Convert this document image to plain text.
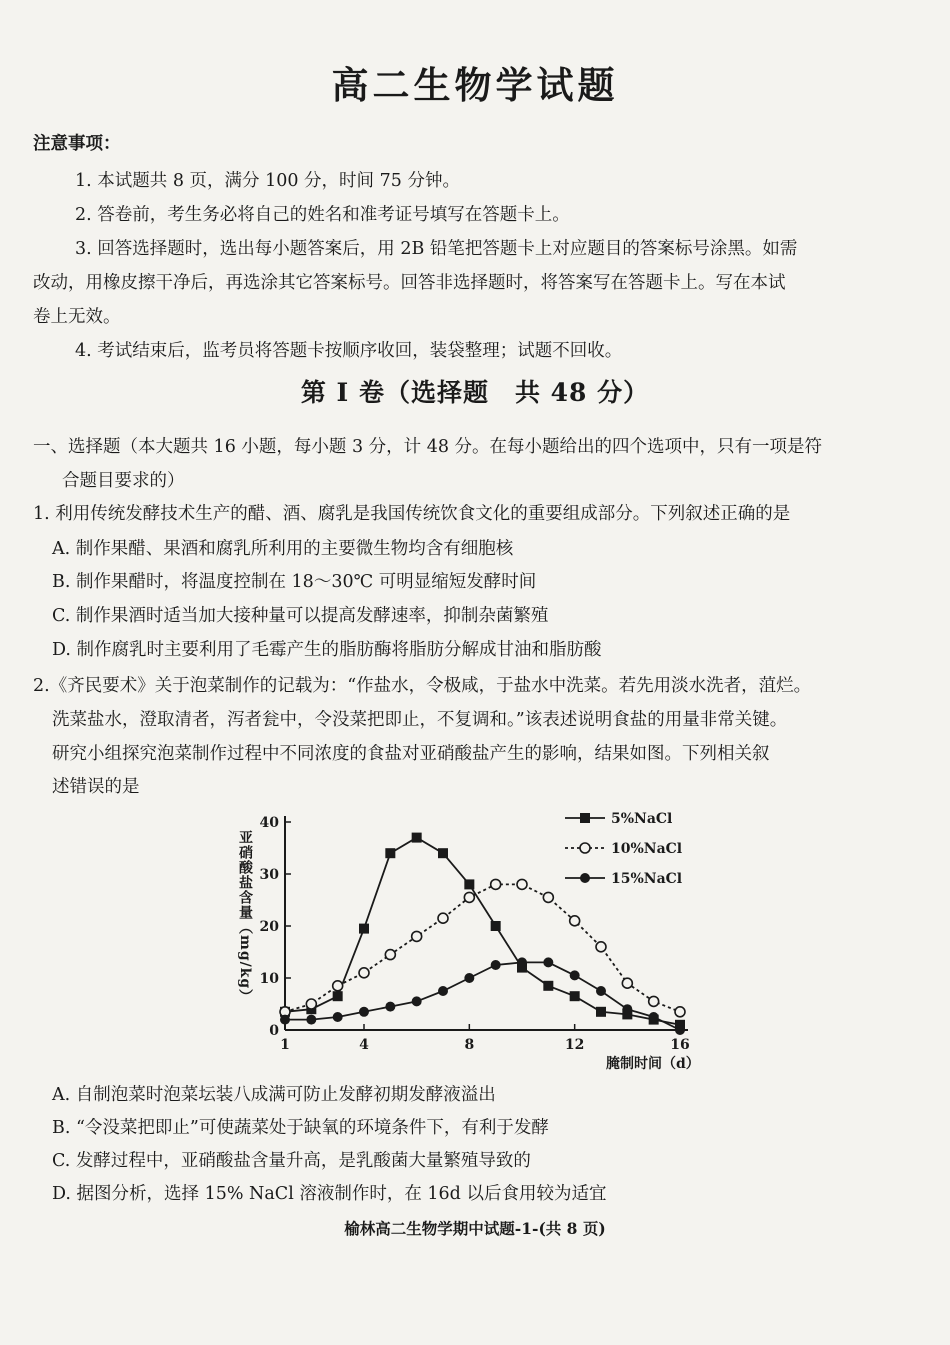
高二生物学试题
注意事项：
1. 本试题共 8 页，满分 100 分，时间 75 分钟。
2. 答卷前，考生务必将自己的姓名和准考证号填写在答题卡上。
3. 回答选择题时，选出每小题答案后，用 2B 铅笔把答题卡上对应题目的答案标号涂黑。如需
改动，用橡皮擦干净后，再选涂其它答案标号。回答非选择题时，将答案写在答题卡上。写在本试
卷上无效。
4. 考试结束后，监考员将答题卡按顺序收回，装袋整理；试题不回收。
第 Ⅰ 卷（选择题　共 48 分）
一、选择题（本大题共 16 小题，每小题 3 分，计 48 分。在每小题给出的四个选项中，只有一项是符
合题目要求的）
1. 利用传统发酵技术生产的醋、酒、腐乳是我国传统饮食文化的重要组成部分。下列叙述正确的是
A. 制作果醋、果酒和腐乳所利用的主要微生物均含有细胞核
B. 制作果醋时，将温度控制在 18～30℃ 可明显缩短发酵时间
C. 制作果酒时适当加大接种量可以提高发酵速率，抑制杂菌繁殖
D. 制作腐乳时主要利用了毛霉产生的脂肪酶将脂肪分解成甘油和脂肪酸
2.《齐民要术》关于泡菜制作的记载为：“作盐水，令极咸，于盐水中洗菜。若先用淡水洗者，菹烂。
洗菜盐水，澄取清者，泻者瓮中，令没菜把即止，不复调和。”该表述说明食盐的用量非常关键。
研究小组探究泡菜制作过程中不同浓度的食盐对亚硝酸盐产生的影响，结果如图。下列相关叙
述错误的是
0
10
20
30
40
1	4	8	12	16
5%NaCl
10%NaCl
15%NaCl
亚硝酸盐含量（mg/kg）
腌制时间（d）
A. 自制泡菜时泡菜坛装八成满可防止发酵初期发酵液溢出
B. “令没菜把即止”可使蔬菜处于缺氧的环境条件下，有利于发酵
C. 发酵过程中，亚硝酸盐含量升高，是乳酸菌大量繁殖导致的
D. 据图分析，选择 15% NaCl 溶液制作时，在 16d 以后食用较为适宜
榆林高二生物学期中试题-1-(共 8 页)
